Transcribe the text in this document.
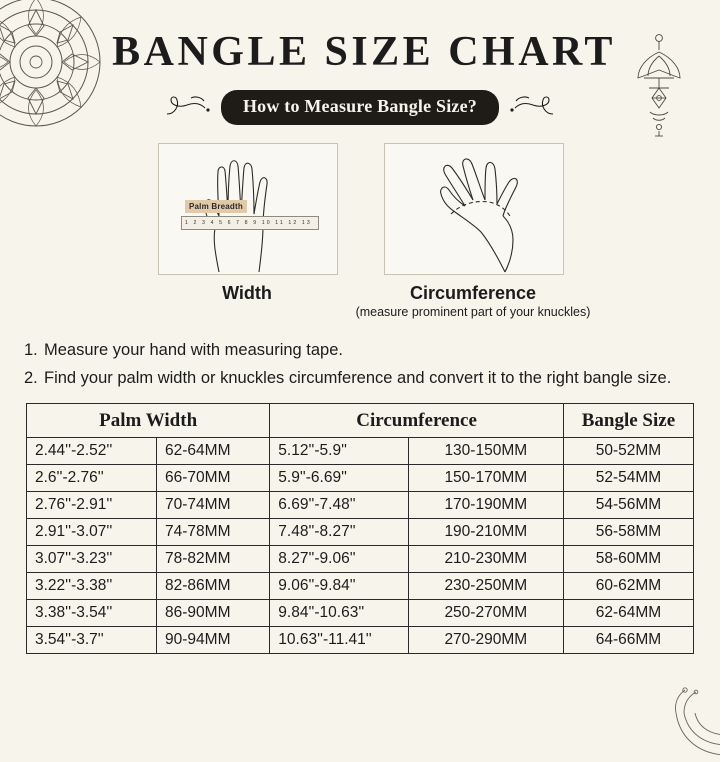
BANGLE SIZE CHART
How to Measure Bangle Size?
Palm Breadth
1 2 3 4 5 6 7 8 9 10 11 12 13
Width	Circumference
(measure prominent part of your knuckles)
1. Measure your hand with measuring tape.
2. Find your palm width or knuckles circumference and convert it to the right bangle size.
Palm Width		Circumference		Bangle Size
2.44''-2.52''	62-64MM	5.12''-5.9''	130-150MM	50-52MM
2.6''-2.76''	66-70MM	5.9''-6.69''	150-170MM	52-54MM
2.76''-2.91''	70-74MM	6.69''-7.48''	170-190MM	54-56MM
2.91''-3.07''	74-78MM	7.48''-8.27''	190-210MM	56-58MM
3.07''-3.23''	78-82MM	8.27''-9.06''	210-230MM	58-60MM
3.22''-3.38''	82-86MM	9.06''-9.84''	230-250MM	60-62MM
3.38''-3.54''	86-90MM	9.84''-10.63''	250-270MM	62-64MM
3.54''-3.7''	90-94MM	10.63''-11.41''	270-290MM	64-66MM
